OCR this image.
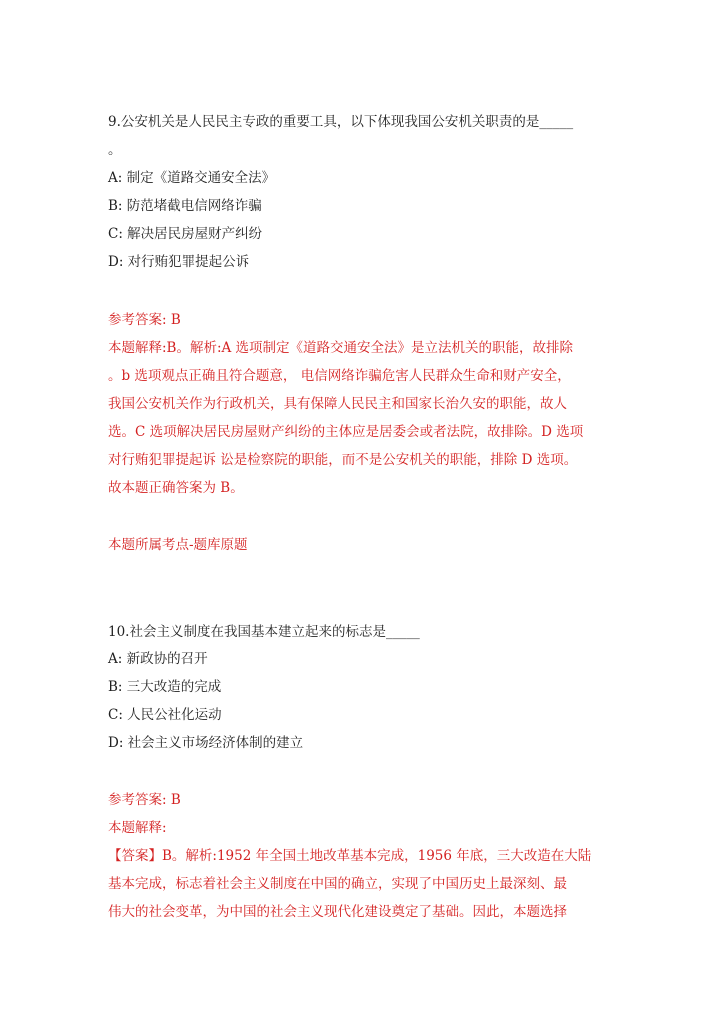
9.公安机关是人民民主专政的重要工具，以下体现我国公安机关职责的是_____
。
A: 制定《道路交通安全法》
B: 防范堵截电信网络诈骗
C: 解决居民房屋财产纠纷
D: 对行贿犯罪提起公诉
参考答案: B
本题解释:B。解析:A 选项制定《道路交通安全法》是立法机关的职能，故排除
。b 选项观点正确且符合题意， 电信网络诈骗危害人民群众生命和财产安全，
我国公安机关作为行政机关，具有保障人民民主和国家长治久安的职能，故人
选。C 选项解决居民房屋财产纠纷的主体应是居委会或者法院，故排除。D 选项
对行贿犯罪提起诉 讼是检察院的职能，而不是公安机关的职能，排除 D 选项。
故本题正确答案为 B。
本题所属考点-题库原题
10.社会主义制度在我国基本建立起来的标志是_____
A: 新政协的召开
B: 三大改造的完成
C: 人民公社化运动
D: 社会主义市场经济体制的建立
参考答案: B
本题解释:
【答案】B。解析:1952 年全国土地改革基本完成，1956 年底，三大改造在大陆
基本完成，标志着社会主义制度在中国的确立，实现了中国历史上最深刻、最
伟大的社会变革，为中国的社会主义现代化建设奠定了基础。因此，本题选择
